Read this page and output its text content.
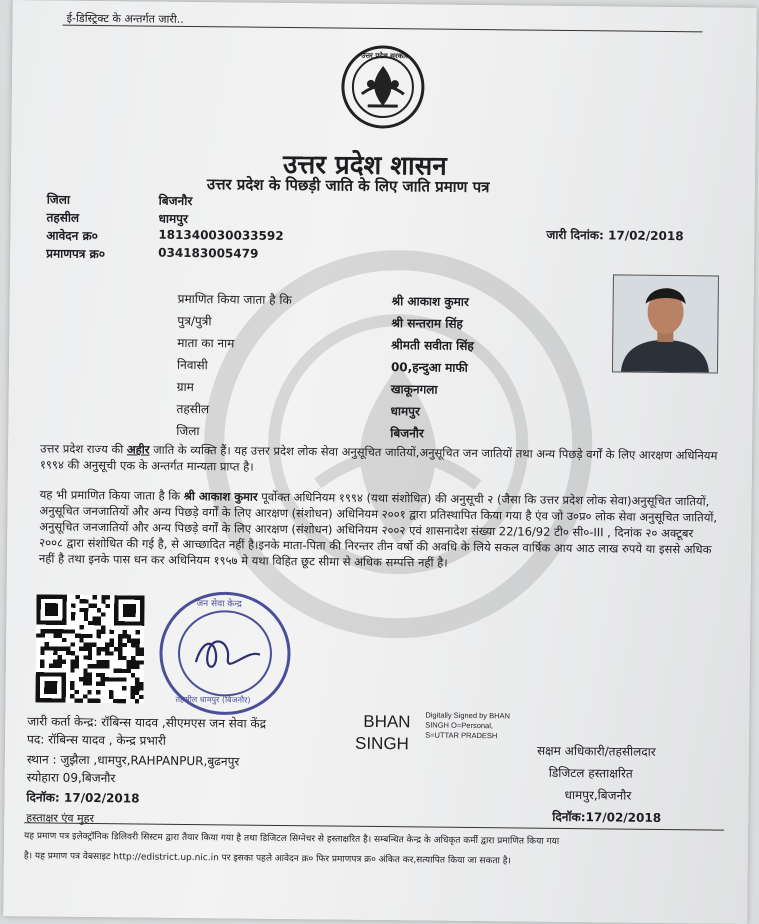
ई-डिस्ट्रिक्ट के अन्तर्गत जारी..
उत्तर प्रदेश सरकार
उत्तर प्रदेश शासन
उत्तर प्रदेश के पिछड़ी जाति के लिए जाति प्रमाण पत्र
जिला	बिजनौर
तहसील	धामपुर
आवेदन क्र०	181340030033592
प्रमाणपत्र क्र०	034183005479
जारी दिनांक: 17/02/2018
प्रमाणित किया जाता है कि	श्री आकाश कुमार
पुत्र/पुत्री	श्री सन्तराम सिंह
माता का नाम	श्रीमती सवीता सिंह
निवासी	00,हन्दुआ माफी
ग्राम	खाकूनगला
तहसील	धामपुर
जिला	बिजनौर
उत्तर प्रदेश राज्य की अहीर जाति के व्यक्ति हैं। यह उत्तर प्रदेश लोक सेवा अनुसूचित जातियों,अनुसूचित जन जातियों तथा अन्य पिछड़े वर्गों के लिए आरक्षण अधिनियम १९९४ की अनुसूची एक के अन्तर्गत मान्यता प्राप्त है।
यह भी प्रमाणित किया जाता है कि श्री आकाश कुमार पूर्वोक्त अधिनियम १९९४ (यथा संशोधित) की अनुसूची २ (जैसा कि उत्तर प्रदेश लोक सेवा)अनुसूचित जातियों, अनुसूचित जनजातियों और अन्य पिछड़े वर्गों के लिए आरक्षण (संशोधन) अधिनियम २००१ द्वारा प्रतिस्थापित किया गया है एंव जो उ०प्र० लोक सेवा अनुसूचित जातियों, अनुसूचित जनजातियों और अन्य पिछड़े वर्गों के लिए आरक्षण (संशोधन) अधिनियम २००२ एवं शासनादेश संख्या 22/16/92 टी० सी०-III , दिनांक २० अक्टूबर २००८ द्वारा संशोधित की गई है, से आच्छादित नहीं है।इनके माता-पिता की निरन्तर तीन वर्षो की अवधि के लिये सकल वार्षिक आय आठ लाख रुपये या इससे अधिक नहीं है तथा इनके पास धन कर अधिनियम १९५७ मे यथा विहित छूट सीमा से अधिक सम्पत्ति नहीं है।
जन सेवा केन्द्र
तहसील धामपुर (बिजनौर)
जारी कर्ता केन्द्र: रॉबिन्स यादव ,सीएमएस जन सेवा केंद्र
पद: रॉबिन्स यादव , केन्द्र प्रभारी
स्थान : जुझैला ,धामपुर,RAHPANPUR,बुढनपुर
स्योहारा 09,बिजनौर
दिनॉक: 17/02/2018
हस्ताक्षर एंव मुहर
BHAN
SINGH
Digitally Signed by BHAN
SINGH O=Personal,
S=UTTAR PRADESH
सक्षम अधिकारी/तहसीलदार
डिजिटल हस्ताक्षरित
धामपुर,बिजनौर
दिनॉक:17/02/2018
यह प्रमाण पत्र इलेक्ट्रॉनिक डिलिवरी सिस्टम द्वारा तैयार किया गया है तथा डिजिटल सिग्नेचर से हस्ताक्षरित है। सम्बन्धित केन्द्र के अधिकृत कर्मी द्वारा प्रमाणित किया गया
है। यह प्रमाण पत्र वेबसाइट http://edistrict.up.nic.in पर इसका पहले आवेदन क्र० फिर प्रमाणपत्र क्र० अंकित कर,सत्यापित किया जा सकता है।
